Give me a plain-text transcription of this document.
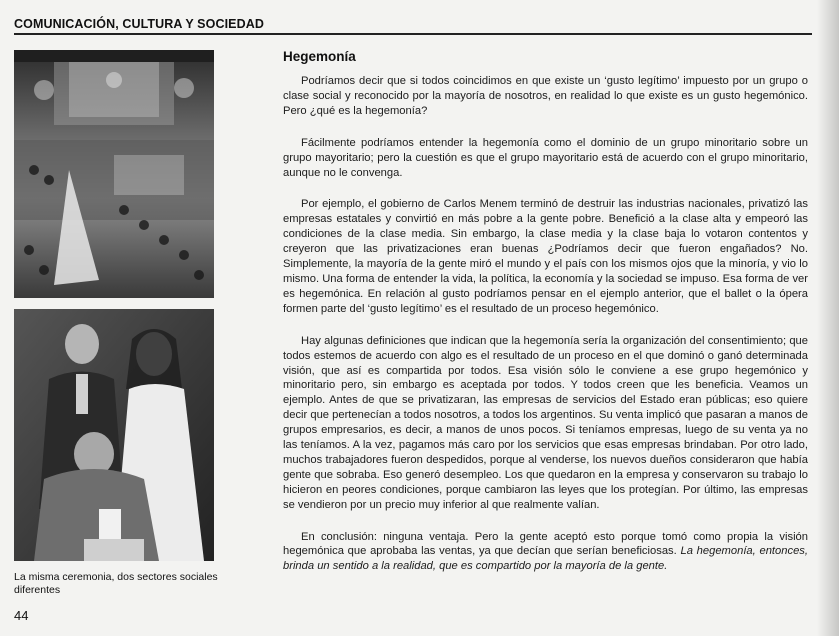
COMUNICACIÓN, CULTURA Y SOCIEDAD
La misma ceremonia, dos sectores sociales diferentes
44
Hegemonía

Podríamos decir que si todos coincidimos en que existe un ‘gusto legítimo’ impuesto por un grupo o clase social y reconocido por la mayoría de nosotros, en realidad lo que existe es un gusto hegemónico. Pero ¿qué es la hegemonía?

Fácilmente podríamos entender la hegemonía como el dominio de un grupo minoritario sobre un grupo mayoritario; pero la cuestión es que el grupo mayoritario está de acuerdo con el grupo minoritario, aunque no le convenga.

Por ejemplo, el gobierno de Carlos Menem terminó de destruir las industrias nacionales, privatizó las empresas estatales y convirtió en más pobre a la gente pobre. Benefició a la clase alta y empeoró las condiciones de la clase media. Sin embargo, la clase media y la clase baja lo votaron contentos y creyeron que las privatizaciones eran buenas ¿Podríamos decir que fueron engañados? No. Simplemente, la mayoría de la gente miró el mundo y el país con los mismos ojos que la minoría, y vio lo mismo. Una forma de entender la vida, la política, la economía y la sociedad se impuso. Esa forma de ver es hegemónica. En relación al gusto podríamos pensar en el ejemplo anterior, que el ballet o la ópera formen parte del ‘gusto legítimo’ es el resultado de un proceso hegemónico.

Hay algunas definiciones que indican que la hegemonía sería la organización del consentimiento; que todos estemos de acuerdo con algo es el resultado de un proceso en el que dominó o ganó determinada visión, que así es compartida por todos. Esa visión sólo le conviene a ese grupo hegemónico y minoritario pero, sin embargo es aceptada por todos. Y todos creen que les beneficia. Veamos un ejemplo. Antes de que se privatizaran, las empresas de servicios del Estado eran públicas; eso quiere decir que pertenecían a todos nosotros, a todos los argentinos. Su venta implicó que pasaran a manos de grupos empresarios, es decir, a manos de unos pocos. Si teníamos empresas, luego de su venta ya no las teníamos. A la vez, pagamos más caro por los servicios que esas empresas brindaban. Por otro lado, muchos trabajadores fueron despedidos, porque al venderse, los nuevos dueños consideraron que había gente que sobraba. Eso generó desempleo. Los que quedaron en la empresa y conservaron su trabajo lo hicieron en peores condiciones, porque cambiaron las leyes que los protegían. Por último, las empresas se vendieron por un precio muy inferior al que realmente valían.

En conclusión: ninguna ventaja. Pero la gente aceptó esto porque tomó como propia la visión hegemónica que aprobaba las ventas, ya que decían que serían beneficiosas. La hegemonía, entonces, brinda un sentido a la realidad, que es compartido por la mayoría de la gente.
